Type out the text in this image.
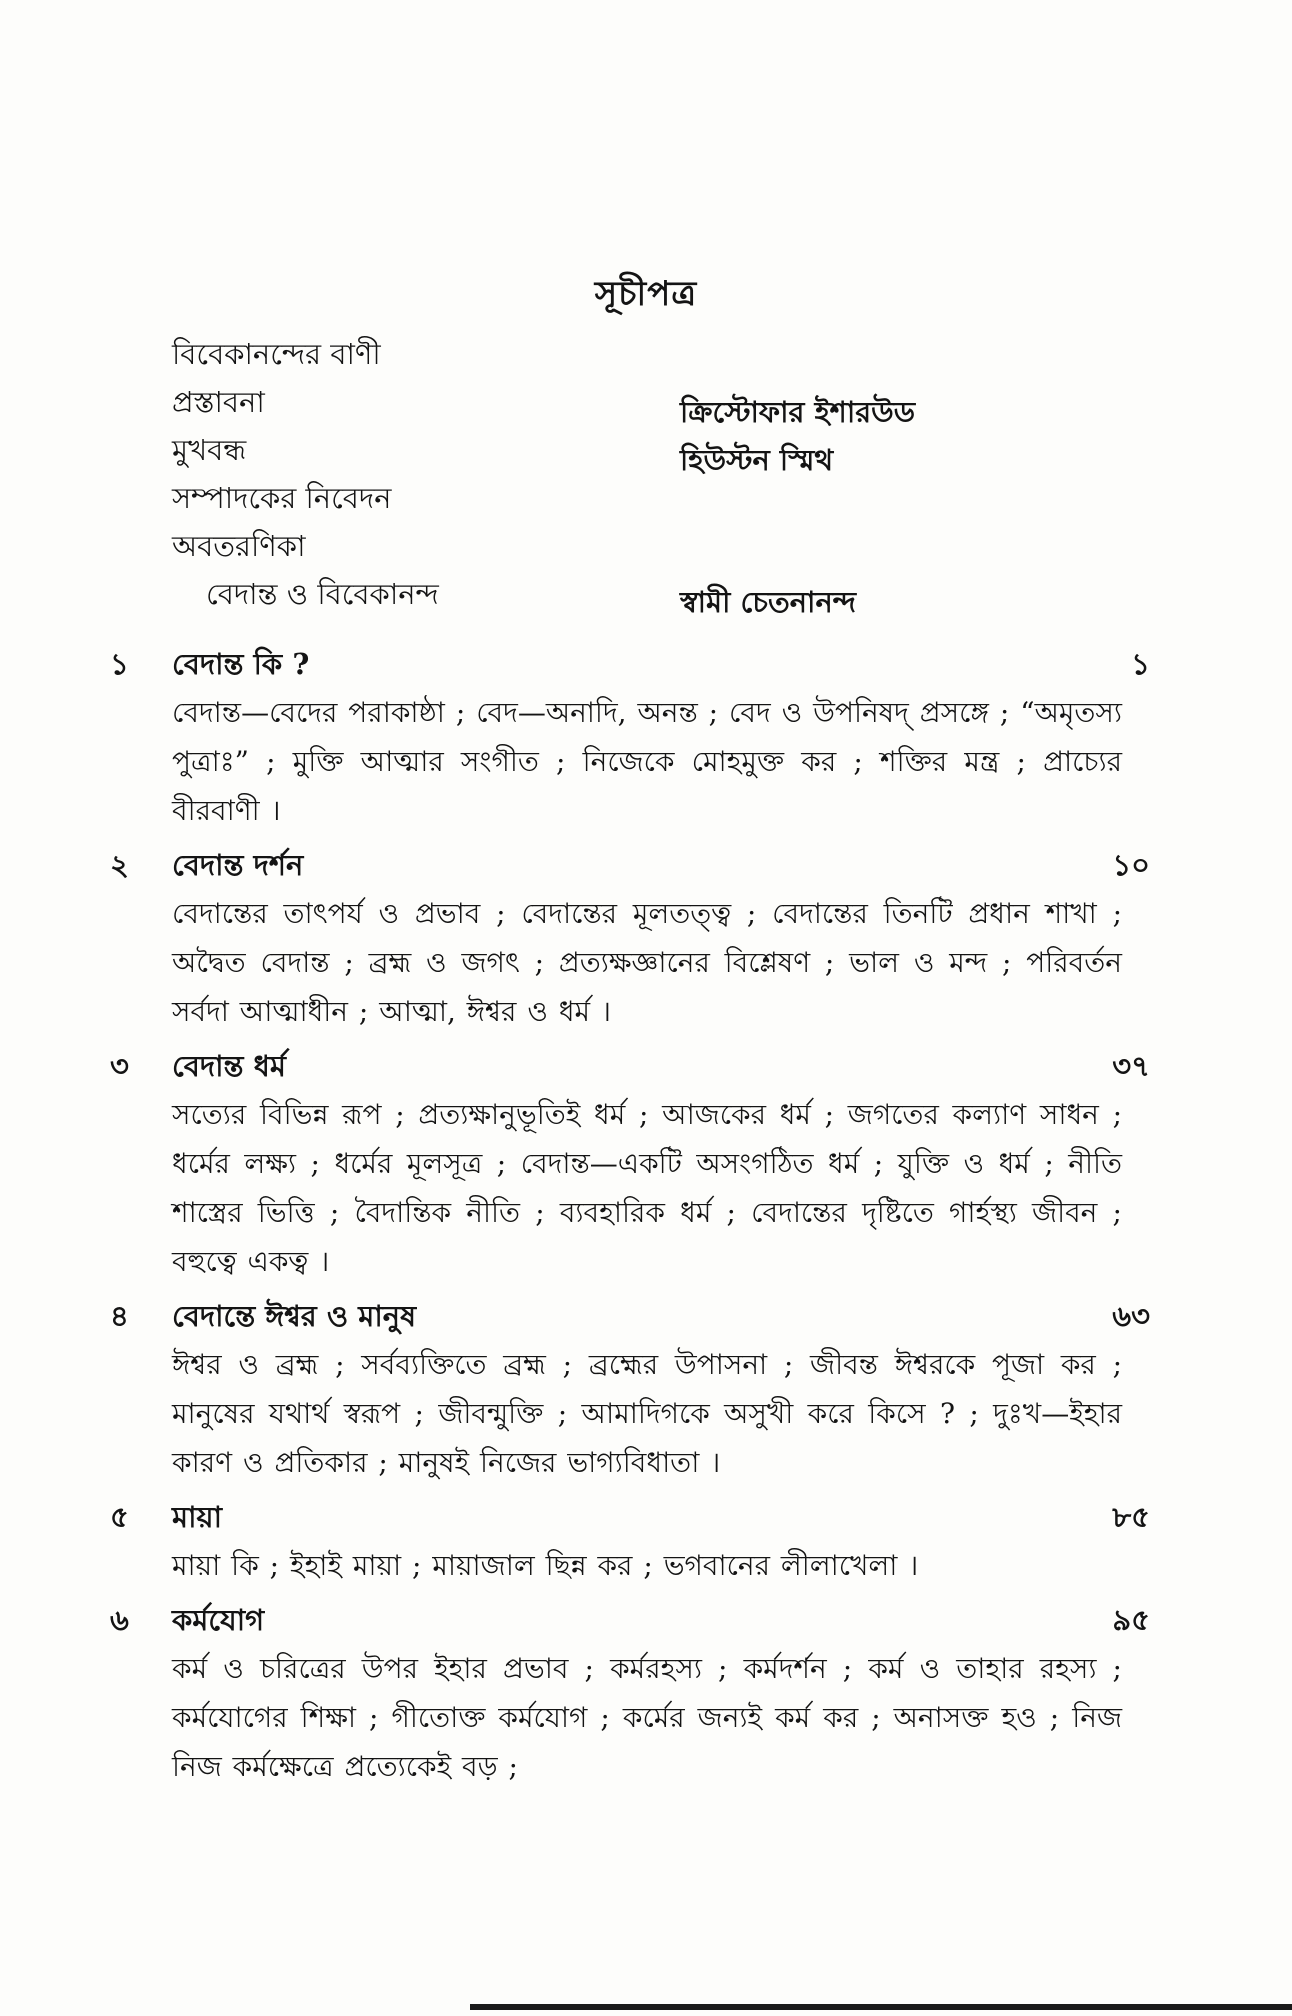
সূচীপত্র
বিবেকানন্দের বাণী
প্রস্তাবনা	ক্রিস্টোফার ইশারউড
মুখবন্ধ	হিউস্টন স্মিথ
সম্পাদকের নিবেদন
অবতরণিকা
বেদান্ত ও বিবেকানন্দ	স্বামী চেতনানন্দ
১	বেদান্ত কি ?	১
বেদান্ত—বেদের পরাকাষ্ঠা ; বেদ—অনাদি, অনন্ত ; বেদ ও উপনিষদ্ প্রসঙ্গে ; “অমৃতস্য পুত্রাঃ” ; মুক্তি আত্মার সংগীত ; নিজেকে মোহমুক্ত কর ; শক্তির মন্ত্র ; প্রাচ্যের বীরবাণী ।
২	বেদান্ত দর্শন	১০
বেদান্তের তাৎপর্য ও প্রভাব ; বেদান্তের মূলতত্ত্ব ; বেদান্তের তিনটি প্রধান শাখা ; অদ্বৈত বেদান্ত ; ব্রহ্ম ও জগৎ ; প্রত্যক্ষজ্ঞানের বিশ্লেষণ ; ভাল ও মন্দ ; পরিবর্তন সর্বদা আত্মাধীন ; আত্মা, ঈশ্বর ও ধর্ম ।
৩	বেদান্ত ধর্ম	৩৭
সত্যের বিভিন্ন রূপ ; প্রত্যক্ষানুভূতিই ধর্ম ; আজকের ধর্ম ; জগতের কল্যাণ সাধন ; ধর্মের লক্ষ্য ; ধর্মের মূলসূত্র ; বেদান্ত—একটি অসংগঠিত ধর্ম ; যুক্তি ও ধর্ম ; নীতি শাস্ত্রের ভিত্তি ; বৈদান্তিক নীতি ; ব্যবহারিক ধর্ম ; বেদান্তের দৃষ্টিতে গার্হস্থ্য জীবন ; বহুত্বে একত্ব ।
৪	বেদান্তে ঈশ্বর ও মানুষ	৬৩
ঈশ্বর ও ব্রহ্ম ; সর্বব্যক্তিতে ব্রহ্ম ; ব্রহ্মের উপাসনা ; জীবন্ত ঈশ্বরকে পূজা কর ; মানুষের যথার্থ স্বরূপ ; জীবন্মুক্তি ; আমাদিগকে অসুখী করে কিসে ? ; দুঃখ—ইহার কারণ ও প্রতিকার ; মানুষই নিজের ভাগ্যবিধাতা ।
৫	মায়া	৮৫
মায়া কি ; ইহাই মায়া ; মায়াজাল ছিন্ন কর ; ভগবানের লীলাখেলা ।
৬	কর্মযোগ	৯৫
কর্ম ও চরিত্রের উপর ইহার প্রভাব ; কর্মরহস্য ; কর্মদর্শন ; কর্ম ও তাহার রহস্য ; কর্মযোগের শিক্ষা ; গীতোক্ত কর্মযোগ ; কর্মের জন্যই কর্ম কর ; অনাসক্ত হও ; নিজ নিজ কর্মক্ষেত্রে প্রত্যেকেই বড় ;
